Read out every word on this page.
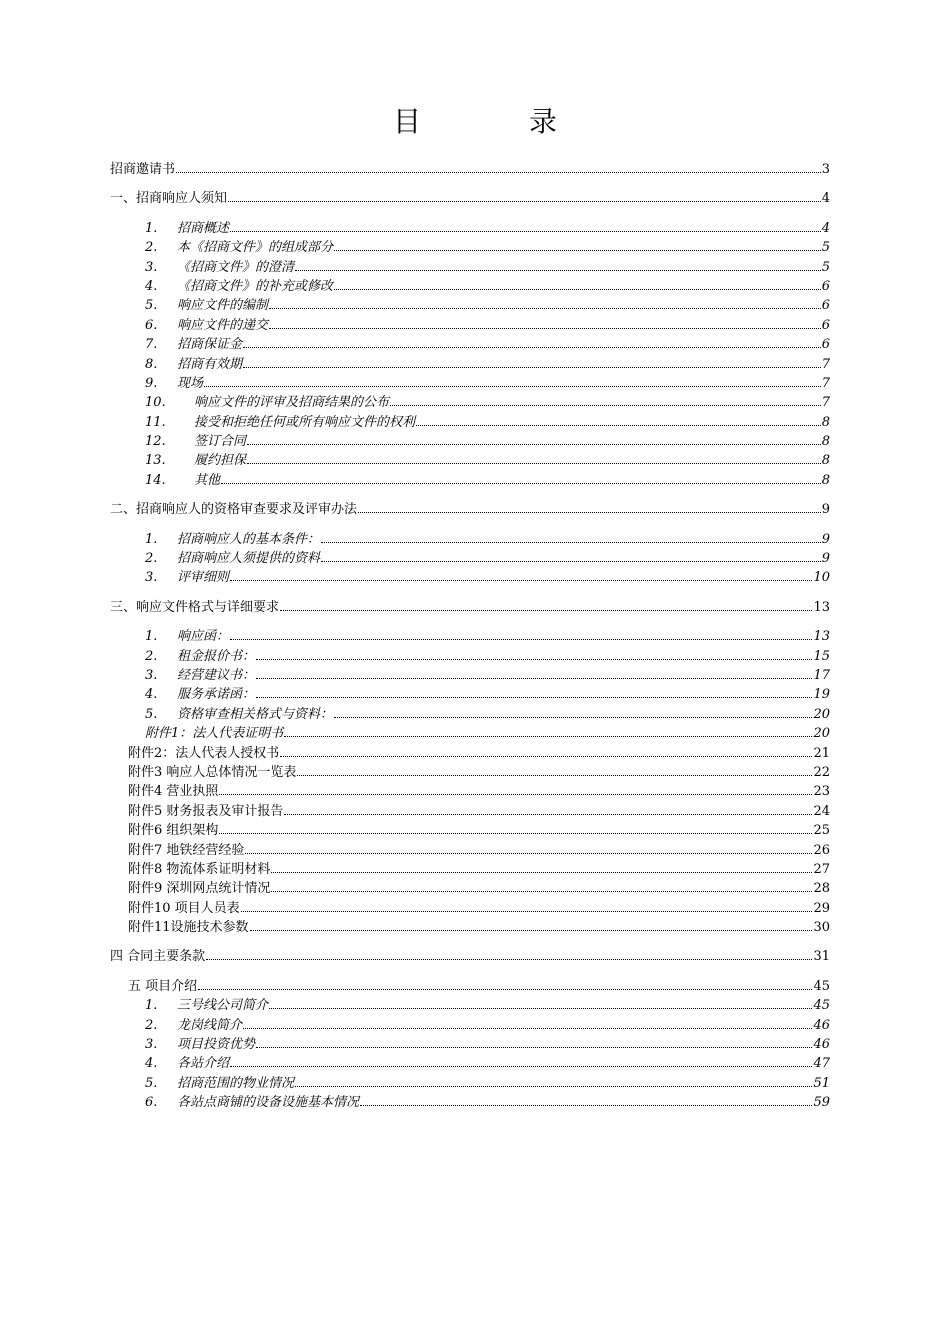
目　录
招商邀请书	3
一、招商响应人须知	4
1.	招商概述	4
2.	本《招商文件》的组成部分	5
3.	《招商文件》的澄清	5
4.	《招商文件》的补充或修改	6
5.	响应文件的编制	6
6.	响应文件的递交	6
7.	招商保证金	6
8.	招商有效期	7
9.	现场	7
10.	响应文件的评审及招商结果的公布	7
11.	接受和拒绝任何或所有响应文件的权利	8
12.	签订合同	8
13.	履约担保	8
14.	其他	8
二、招商响应人的资格审查要求及评审办法	9
1.	招商响应人的基本条件：	9
2.	招商响应人须提供的资料	9
3.	评审细则	10
三、响应文件格式与详细要求	13
1.	响应函：	13
2.	租金报价书：	15
3.	经营建议书：	17
4.	服务承诺函：	19
5.	资格审查相关格式与资料：	20
附件1：法人代表证明书	20
附件2：法人代表人授权书	21
附件3 响应人总体情况一览表	22
附件4 营业执照	23
附件5 财务报表及审计报告	24
附件6 组织架构	25
附件7 地铁经营经验	26
附件8 物流体系证明材料	27
附件9 深圳网点统计情况	28
附件10 项目人员表	29
附件11设施技术参数	30
四 合同主要条款	31
五 项目介绍	45
1.	三号线公司简介	45
2.	龙岗线简介	46
3.	项目投资优势	46
4.	各站介绍	47
5.	招商范围的物业情况	51
6.	各站点商铺的设备设施基本情况	59
